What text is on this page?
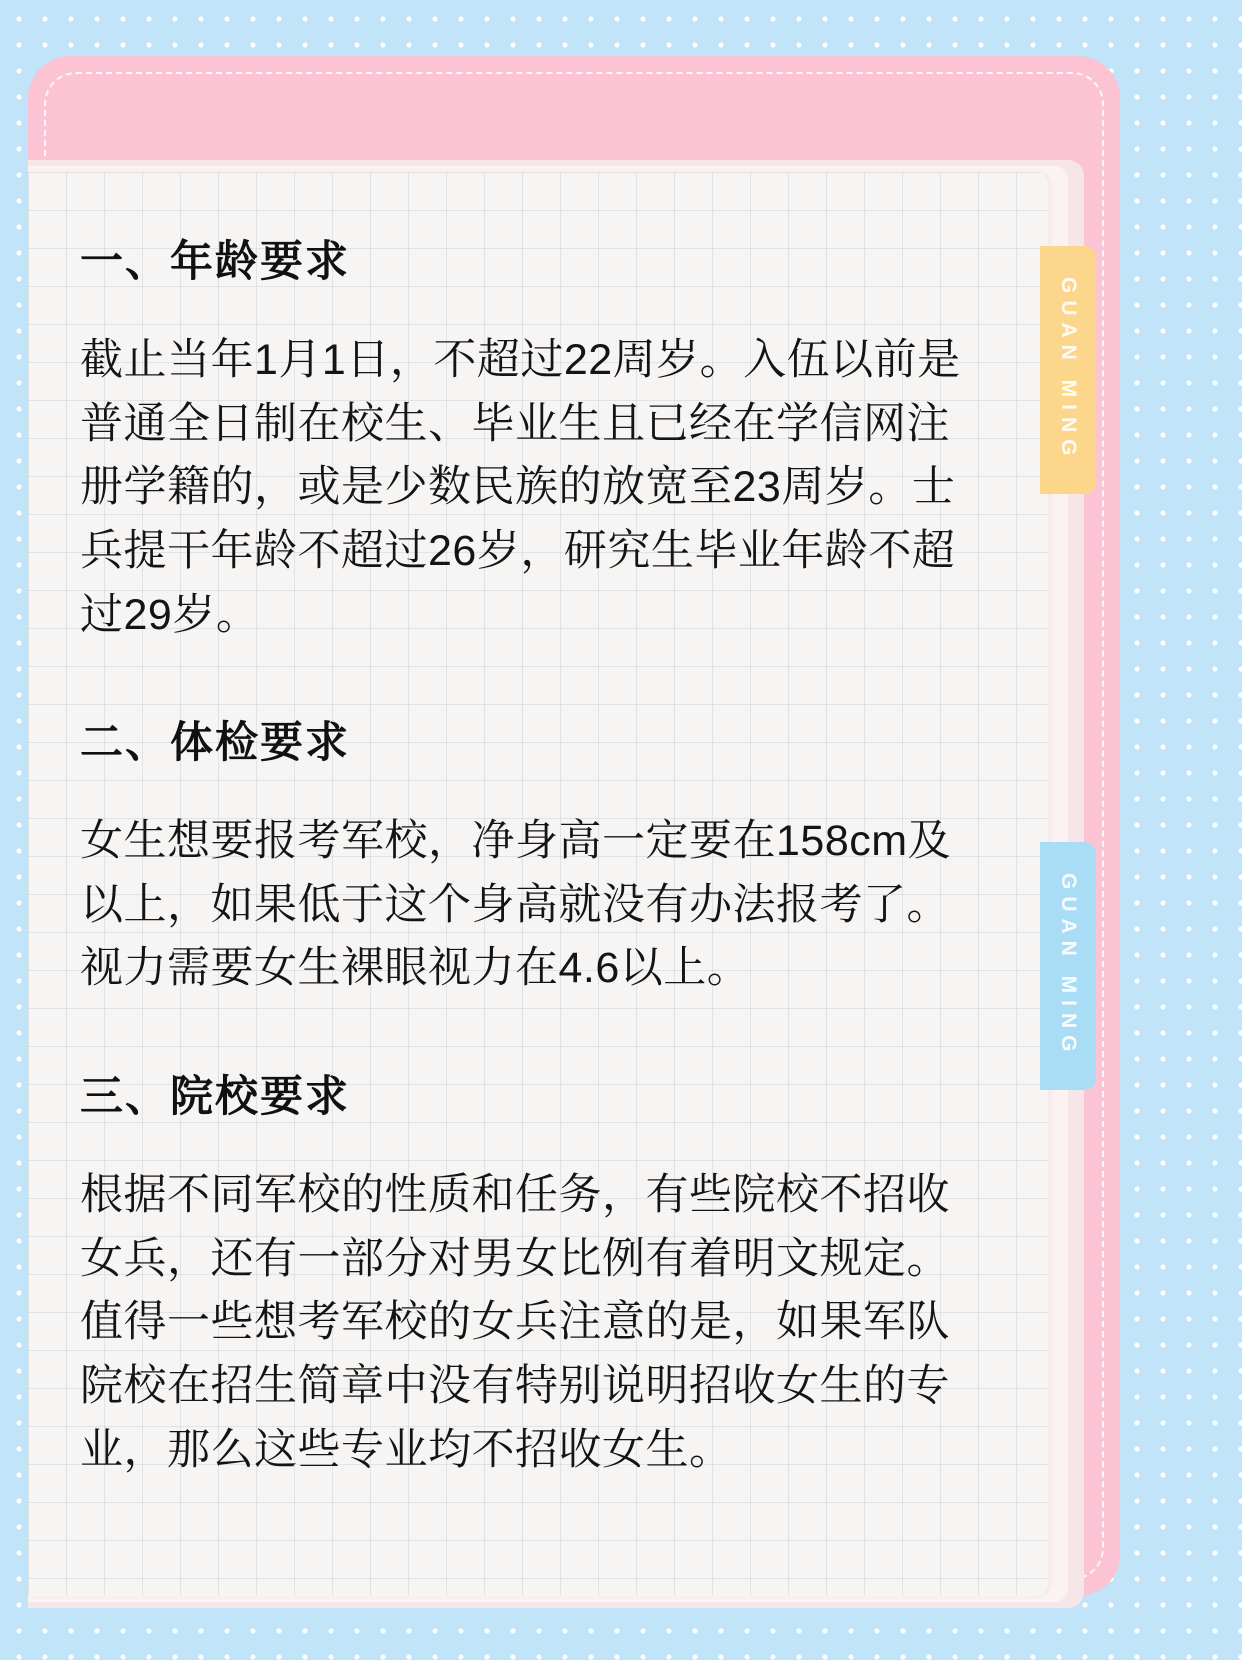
一、年龄要求

截止当年1月1日，不超过22周岁。入伍以前是普通全日制在校生、毕业生且已经在学信网注册学籍的，或是少数民族的放宽至23周岁。士兵提干年龄不超过26岁，研究生毕业年龄不超过29岁。

二、体检要求

女生想要报考军校，净身高一定要在158cm及以上，如果低于这个身高就没有办法报考了。视力需要女生裸眼视力在4.6以上。

三、院校要求

根据不同军校的性质和任务，有些院校不招收女兵，还有一部分对男女比例有着明文规定。值得一些想考军校的女兵注意的是，如果军队院校在招生简章中没有特别说明招收女生的专业，那么这些专业均不招收女生。

GUAN MING
GUAN MING
